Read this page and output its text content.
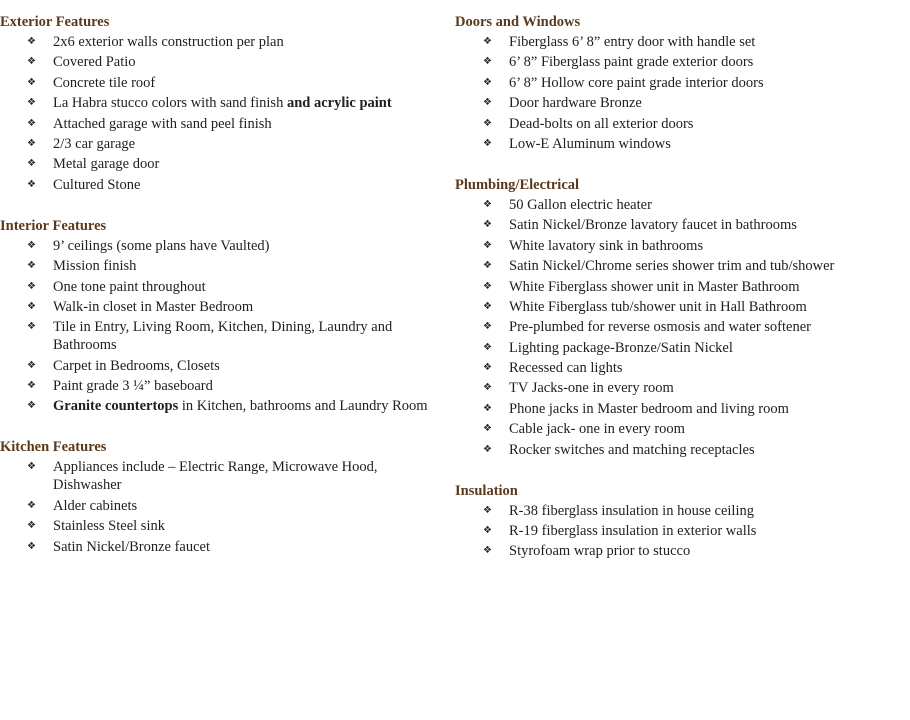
Exterior Features
❖ 2x6 exterior walls construction per plan
❖ Covered Patio
❖ Concrete tile roof
❖ La Habra stucco colors with sand finish and acrylic paint
❖ Attached garage with sand peel finish
❖ 2/3 car garage
❖ Metal garage door
❖ Cultured Stone
Interior Features
❖ 9’ ceilings (some plans have Vaulted)
❖ Mission finish
❖ One tone paint throughout
❖ Walk-in closet in Master Bedroom
❖ Tile in Entry, Living Room, Kitchen, Dining, Laundry and Bathrooms
❖ Carpet in Bedrooms, Closets
❖ Paint grade 3 ¼” baseboard
❖ Granite countertops in Kitchen, bathrooms and Laundry Room
Kitchen Features
❖ Appliances include – Electric Range, Microwave Hood, Dishwasher
❖ Alder cabinets
❖ Stainless Steel sink
❖ Satin Nickel/Bronze faucet
Doors and Windows
❖ Fiberglass 6’ 8” entry door with handle set
❖ 6’ 8” Fiberglass paint grade exterior doors
❖ 6’ 8” Hollow core paint grade interior doors
❖ Door hardware Bronze
❖ Dead-bolts on all exterior doors
❖ Low-E Aluminum windows
Plumbing/Electrical
❖ 50 Gallon electric heater
❖ Satin Nickel/Bronze lavatory faucet in bathrooms
❖ White lavatory sink in bathrooms
❖ Satin Nickel/Chrome series shower trim and tub/shower
❖ White Fiberglass shower unit in Master Bathroom
❖ White Fiberglass tub/shower unit in Hall Bathroom
❖ Pre-plumbed for reverse osmosis and water softener
❖ Lighting package-Bronze/Satin Nickel
❖ Recessed can lights
❖ TV Jacks-one in every room
❖ Phone jacks in Master bedroom and living room
❖ Cable jack- one in every room
❖ Rocker switches and matching receptacles
Insulation
❖ R-38 fiberglass insulation in house ceiling
❖ R-19 fiberglass insulation in exterior walls
❖ Styrofoam wrap prior to stucco
